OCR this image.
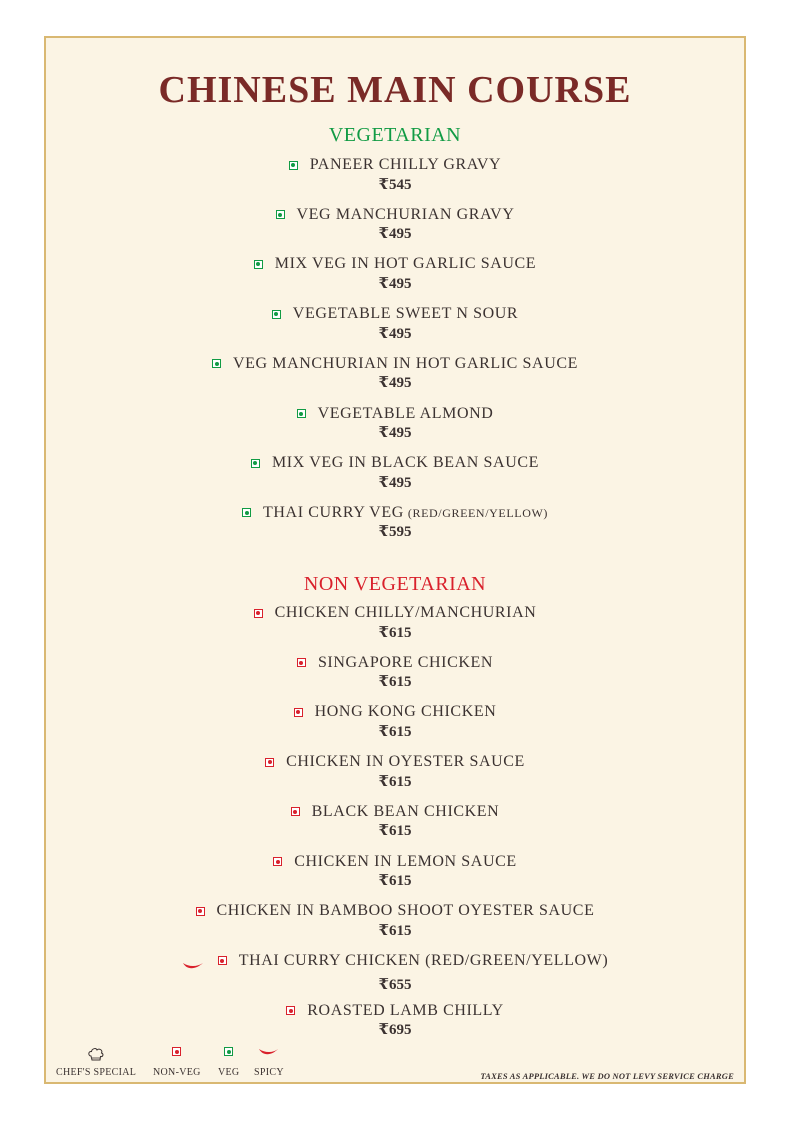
CHINESE MAIN COURSE
VEGETARIAN
PANEER CHILLY GRAVY
₹545
VEG MANCHURIAN GRAVY
₹495
MIX VEG IN HOT GARLIC SAUCE
₹495
VEGETABLE SWEET N SOUR
₹495
VEG MANCHURIAN IN HOT GARLIC SAUCE
₹495
VEGETABLE ALMOND
₹495
MIX VEG IN BLACK BEAN SAUCE
₹495
THAI CURRY VEG (RED/GREEN/YELLOW)
₹595
NON VEGETARIAN
CHICKEN CHILLY/MANCHURIAN
₹615
SINGAPORE CHICKEN
₹615
HONG KONG CHICKEN
₹615
CHICKEN IN OYESTER SAUCE
₹615
BLACK BEAN CHICKEN
₹615
CHICKEN IN LEMON SAUCE
₹615
CHICKEN IN BAMBOO SHOOT OYESTER SAUCE
₹615
THAI CURRY CHICKEN (RED/GREEN/YELLOW)
₹655
ROASTED LAMB CHILLY
₹695
CHEF'S SPECIAL NON-VEG VEG SPICY	TAXES AS APPLICABLE. WE DO NOT LEVY SERVICE CHARGE
